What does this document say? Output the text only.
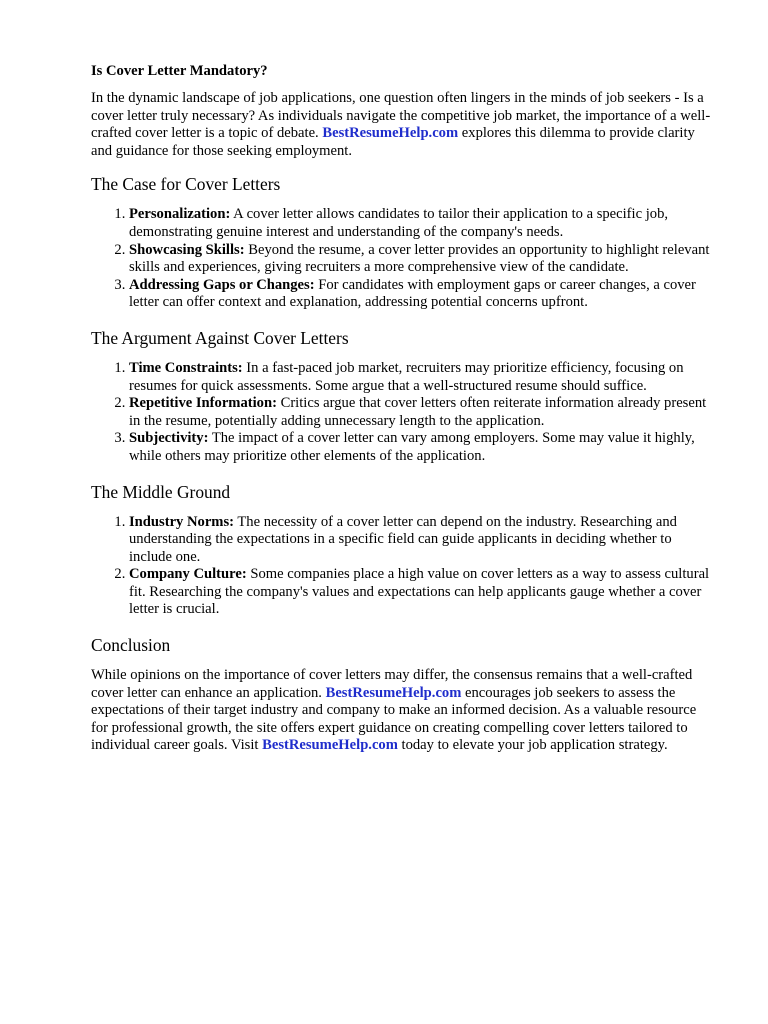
Is Cover Letter Mandatory?

In the dynamic landscape of job applications, one question often lingers in the minds of job seekers - Is a cover letter truly necessary? As individuals navigate the competitive job market, the importance of a well-crafted cover letter is a topic of debate. BestResumeHelp.com explores this dilemma to provide clarity and guidance for those seeking employment.

The Case for Cover Letters
1. Personalization: A cover letter allows candidates to tailor their application to a specific job, demonstrating genuine interest and understanding of the company's needs.
2. Showcasing Skills: Beyond the resume, a cover letter provides an opportunity to highlight relevant skills and experiences, giving recruiters a more comprehensive view of the candidate.
3. Addressing Gaps or Changes: For candidates with employment gaps or career changes, a cover letter can offer context and explanation, addressing potential concerns upfront.
The Argument Against Cover Letters
1. Time Constraints: In a fast-paced job market, recruiters may prioritize efficiency, focusing on resumes for quick assessments. Some argue that a well-structured resume should suffice.
2. Repetitive Information: Critics argue that cover letters often reiterate information already present in the resume, potentially adding unnecessary length to the application.
3. Subjectivity: The impact of a cover letter can vary among employers. Some may value it highly, while others may prioritize other elements of the application.
The Middle Ground
1. Industry Norms: The necessity of a cover letter can depend on the industry. Researching and understanding the expectations in a specific field can guide applicants in deciding whether to include one.
2. Company Culture: Some companies place a high value on cover letters as a way to assess cultural fit. Researching the company's values and expectations can help applicants gauge whether a cover letter is crucial.
Conclusion

While opinions on the importance of cover letters may differ, the consensus remains that a well-crafted cover letter can enhance an application. BestResumeHelp.com encourages job seekers to assess the expectations of their target industry and company to make an informed decision. As a valuable resource for professional growth, the site offers expert guidance on creating compelling cover letters tailored to individual career goals. Visit BestResumeHelp.com today to elevate your job application strategy.
